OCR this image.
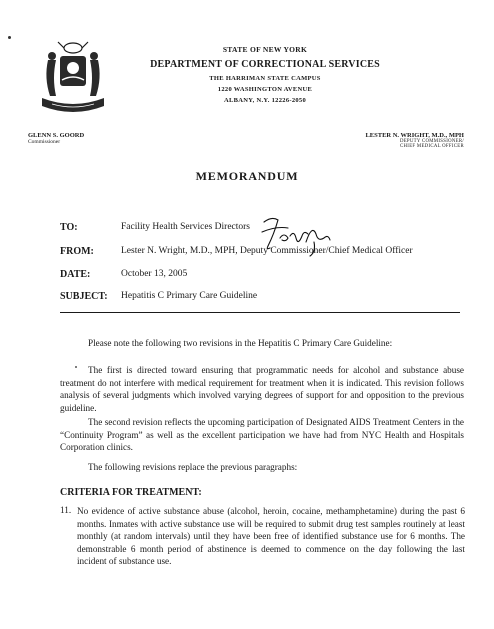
STATE OF NEW YORK
DEPARTMENT OF CORRECTIONAL SERVICES
THE HARRIMAN STATE CAMPUS
1220 WASHINGTON AVENUE
ALBANY, N.Y. 12226-2050
GLENN S. GOORD
Commissioner
LESTER N. WRIGHT, M.D., MPH
DEPUTY COMMISSIONER/
CHIEF MEDICAL OFFICER
MEMORANDUM
TO:	Facility Health Services Directors
FROM:	Lester N. Wright, M.D., MPH, Deputy Commissioner/Chief Medical Officer
DATE:	October 13, 2005
SUBJECT: Hepatitis C Primary Care Guideline
Please note the following two revisions in the Hepatitis C Primary Care Guideline:
The first is directed toward ensuring that programmatic needs for alcohol and substance abuse treatment do not interfere with medical requirement for treatment when it is indicated. This revision follows analysis of several judgments which involved varying degrees of support for and opposition to the previous guideline.
The second revision reflects the upcoming participation of Designated AIDS Treatment Centers in the “Continuity Program” as well as the excellent participation we have had from NYC Health and Hospitals Corporation clinics.
The following revisions replace the previous paragraphs:
CRITERIA FOR TREATMENT:
11. No evidence of active substance abuse (alcohol, heroin, cocaine, methamphetamine) during the past 6 months. Inmates with active substance use will be required to submit drug test samples routinely at least monthly (at random intervals) until they have been free of identified substance use for 6 months. The demonstrable 6 month period of abstinence is deemed to commence on the day following the last incident of substance use.
